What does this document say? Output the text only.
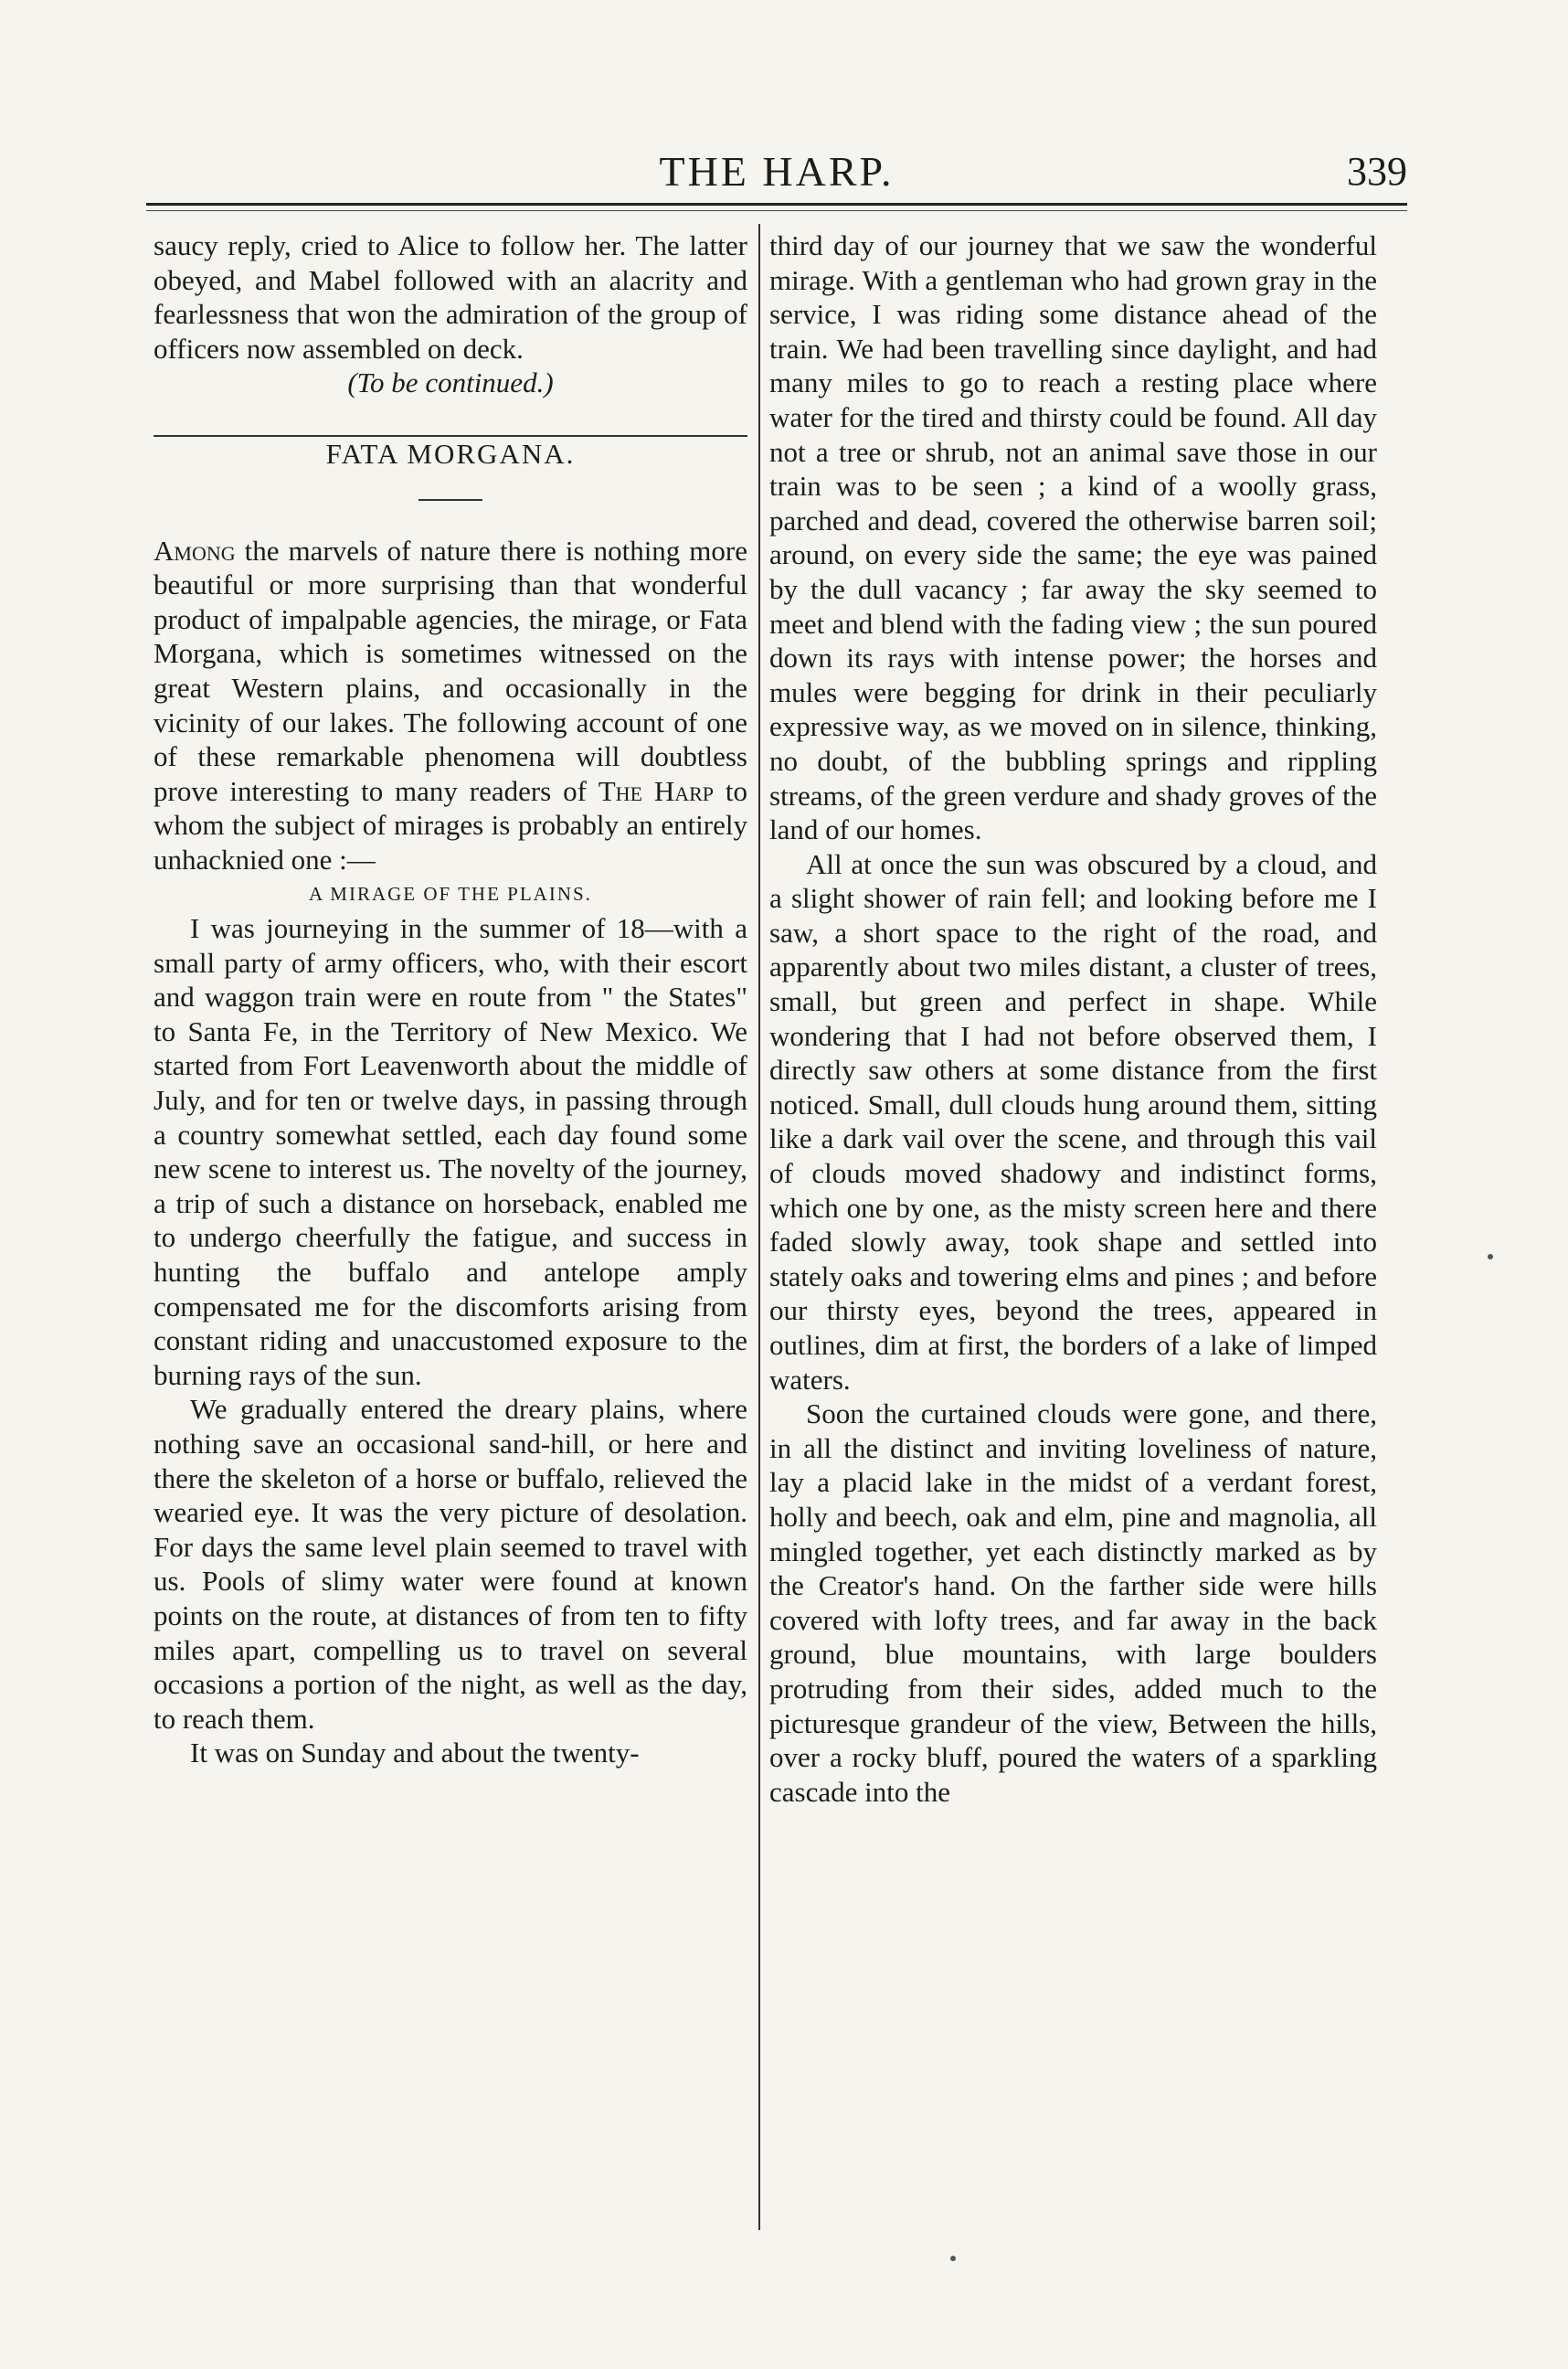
THE HARP.	339

saucy reply, cried to Alice to follow her. The latter obeyed, and Mabel followed with an alacrity and fearlessness that won the admiration of the group of officers now assembled on deck.

(To be continued.)

FATA MORGANA.

Among the marvels of nature there is nothing more beautiful or more surprising than that wonderful product of impalpable agencies, the mirage, or Fata Morgana, which is sometimes witnessed on the great Western plains, and occasionally in the vicinity of our lakes. The following account of one of these remarkable phenomena will doubtless prove interesting to many readers of The Harp to whom the subject of mirages is probably an entirely unhacknied one :—

A MIRAGE OF THE PLAINS.

I was journeying in the summer of 18—with a small party of army officers, who, with their escort and waggon train were en route from " the States" to Santa Fe, in the Territory of New Mexico. We started from Fort Leavenworth about the middle of July, and for ten or twelve days, in passing through a country somewhat settled, each day found some new scene to interest us. The novelty of the journey, a trip of such a distance on horseback, enabled me to undergo cheerfully the fatigue, and success in hunting the buffalo and antelope amply compensated me for the discomforts arising from constant riding and unaccustomed exposure to the burning rays of the sun.

We gradually entered the dreary plains, where nothing save an occasional sand-hill, or here and there the skeleton of a horse or buffalo, relieved the wearied eye. It was the very picture of desolation. For days the same level plain seemed to travel with us. Pools of slimy water were found at known points on the route, at distances of from ten to fifty miles apart, compelling us to travel on several occasions a portion of the night, as well as the day, to reach them.

It was on Sunday and about the twenty-

third day of our journey that we saw the wonderful mirage. With a gentleman who had grown gray in the service, I was riding some distance ahead of the train. We had been travelling since daylight, and had many miles to go to reach a resting place where water for the tired and thirsty could be found. All day not a tree or shrub, not an animal save those in our train was to be seen ; a kind of a woolly grass, parched and dead, covered the otherwise barren soil; around, on every side the same; the eye was pained by the dull vacancy ; far away the sky seemed to meet and blend with the fading view ; the sun poured down its rays with intense power; the horses and mules were begging for drink in their peculiarly expressive way, as we moved on in silence, thinking, no doubt, of the bubbling springs and rippling streams, of the green verdure and shady groves of the land of our homes.

All at once the sun was obscured by a cloud, and a slight shower of rain fell; and looking before me I saw, a short space to the right of the road, and apparently about two miles distant, a cluster of trees, small, but green and perfect in shape. While wondering that I had not before observed them, I directly saw others at some distance from the first noticed. Small, dull clouds hung around them, sitting like a dark vail over the scene, and through this vail of clouds moved shadowy and indistinct forms, which one by one, as the misty screen here and there faded slowly away, took shape and settled into stately oaks and towering elms and pines ; and before our thirsty eyes, beyond the trees, appeared in outlines, dim at first, the borders of a lake of limped waters.

Soon the curtained clouds were gone, and there, in all the distinct and inviting loveliness of nature, lay a placid lake in the midst of a verdant forest, holly and beech, oak and elm, pine and magnolia, all mingled together, yet each distinctly marked as by the Creator's hand. On the farther side were hills covered with lofty trees, and far away in the back ground, blue mountains, with large boulders protruding from their sides, added much to the picturesque grandeur of the view, Between the hills, over a rocky bluff, poured the waters of a sparkling cascade into the
